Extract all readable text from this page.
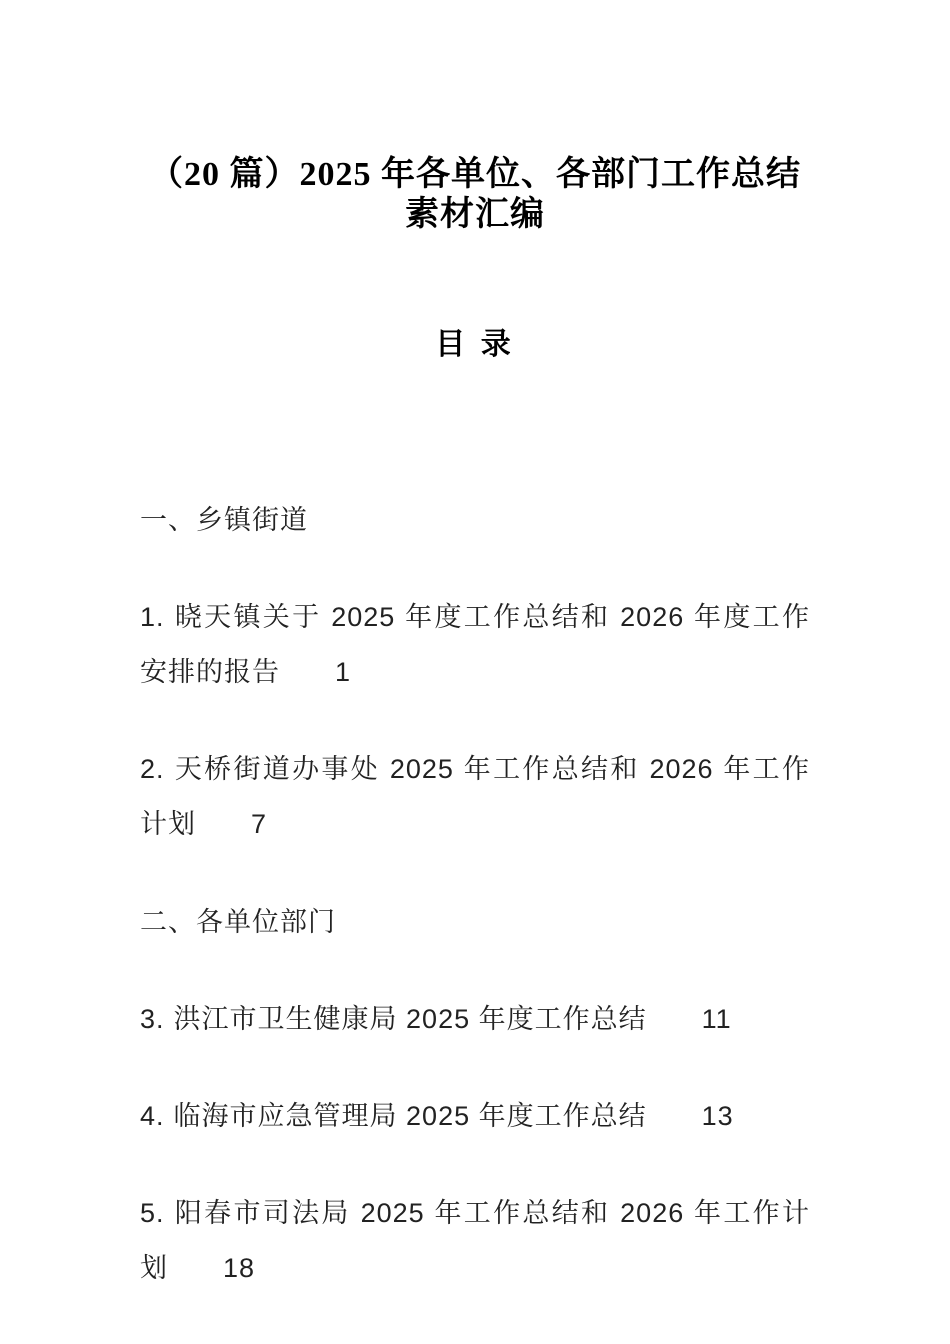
（20 篇）2025 年各单位、各部门工作总结素材汇编
目 录

一、乡镇街道

1. 晓天镇关于 2025 年度工作总结和 2026 年度工作安排的报告 1

2. 天桥街道办事处 2025 年工作总结和 2026 年工作计划 7

二、各单位部门

3. 洪江市卫生健康局 2025 年度工作总结 11

4. 临海市应急管理局 2025 年度工作总结 13

5. 阳春市司法局 2025 年工作总结和 2026 年工作计划 18
